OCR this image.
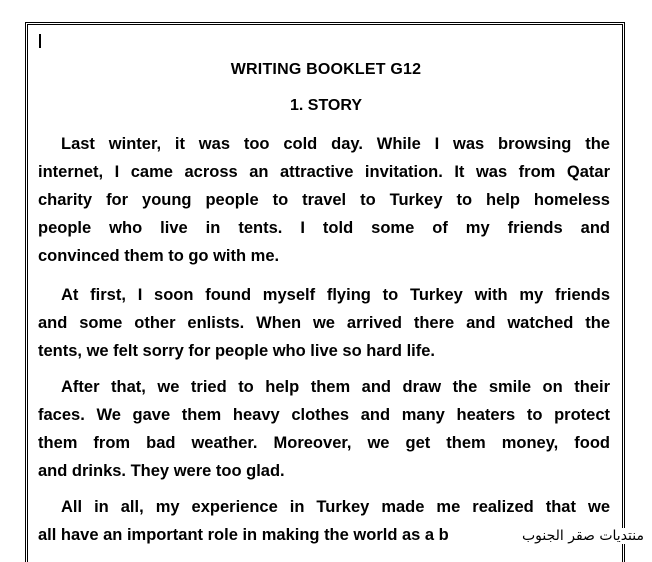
WRITING BOOKLET G12
1. STORY
Last winter, it was too cold day. While I was browsing the
internet, I came across an attractive invitation. It was from Qatar
charity for young people to travel to Turkey to help homeless
people who live in tents. I told some of my friends and
convinced them to go with me.
At first, I soon found myself flying to Turkey with my friends
and some other enlists. When we arrived there and watched the
tents, we felt sorry for people who live so hard life.
After that, we tried to help them and draw the smile on their
faces. We gave them heavy clothes and many heaters to protect
them from bad weather. Moreover, we get them money, food
and drinks. They were too glad.
All in all, my experience in Turkey made me realized that we
all have an important role in making the world as a b	منتديات صقر الجنوب
